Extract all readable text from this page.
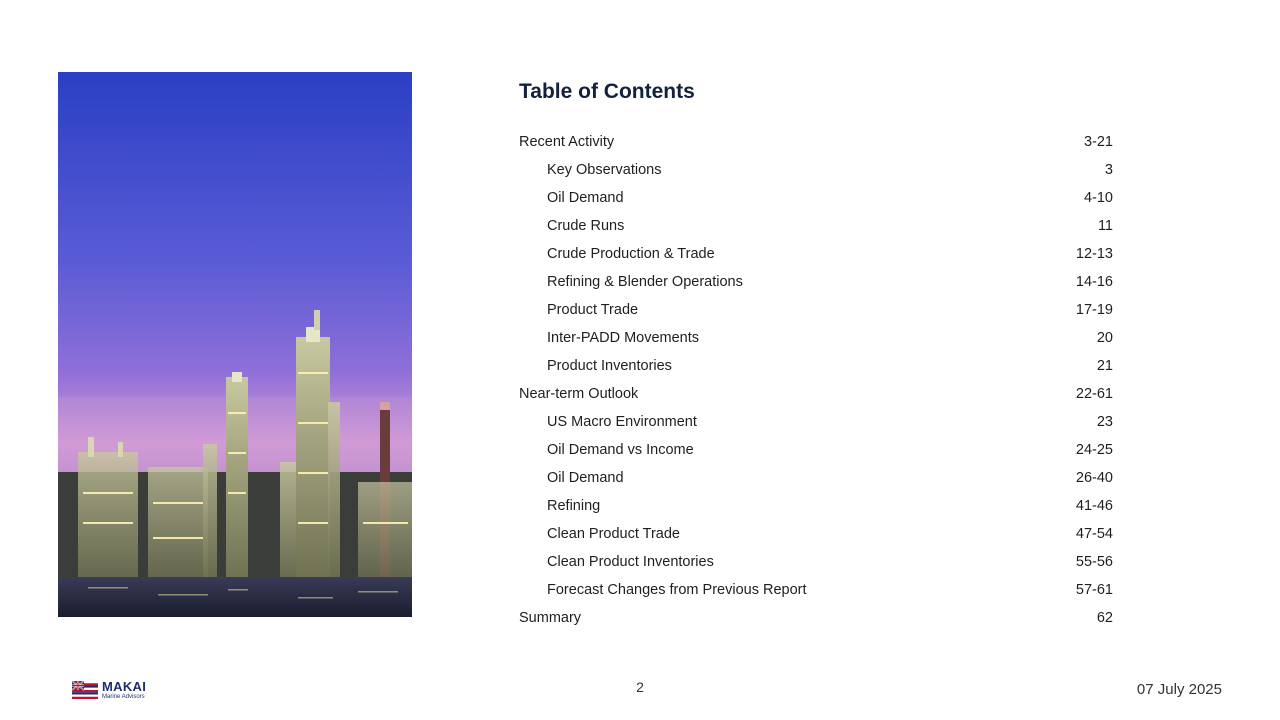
Table of Contents
Recent Activity	3-21
Key Observations	3
Oil Demand	4-10
Crude Runs	11
Crude Production & Trade	12-13
Refining & Blender Operations	14-16
Product Trade	17-19
Inter-PADD Movements	20
Product Inventories	21
Near-term Outlook	22-61
US Macro Environment	23
Oil Demand vs Income	24-25
Oil Demand	26-40
Refining	41-46
Clean Product Trade	47-54
Clean Product Inventories	55-56
Forecast Changes from Previous Report	57-61
Summary	62
MAKAI
Marine Advisors
2	07 July 2025
